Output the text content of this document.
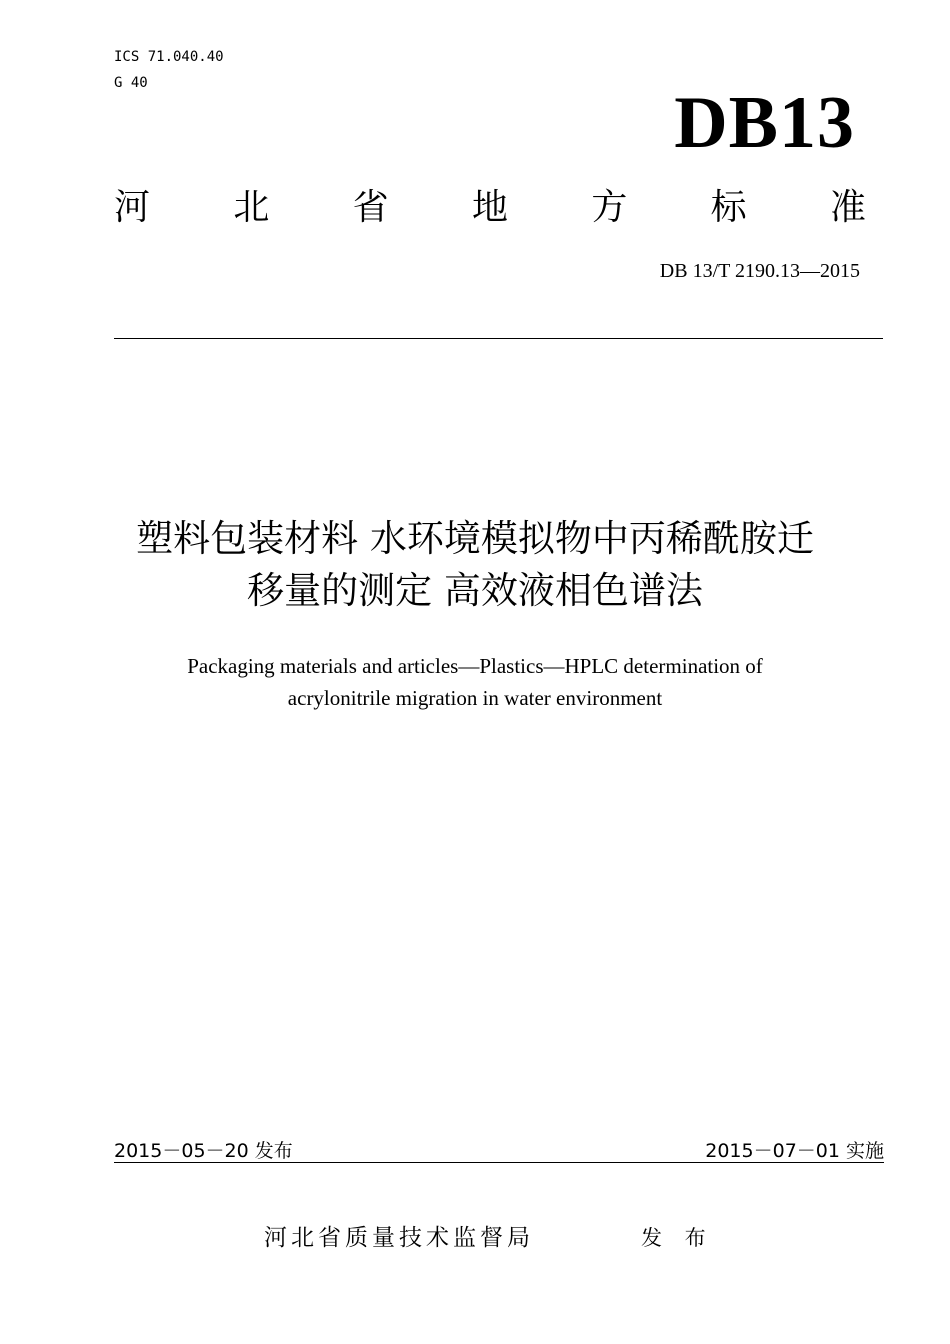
ICS 71.040.40
G 40	DB13
河 北 省 地 方 标 准
DB 13/T 2190.13—2015
塑料包装材料 水环境模拟物中丙稀酰胺迁
移量的测定 高效液相色谱法
Packaging materials and articles—Plastics—HPLC determination of
acrylonitrile migration in water environment
2015－05－20 发布	2015－07－01 实施
河北省质量技术监督局	发 布
